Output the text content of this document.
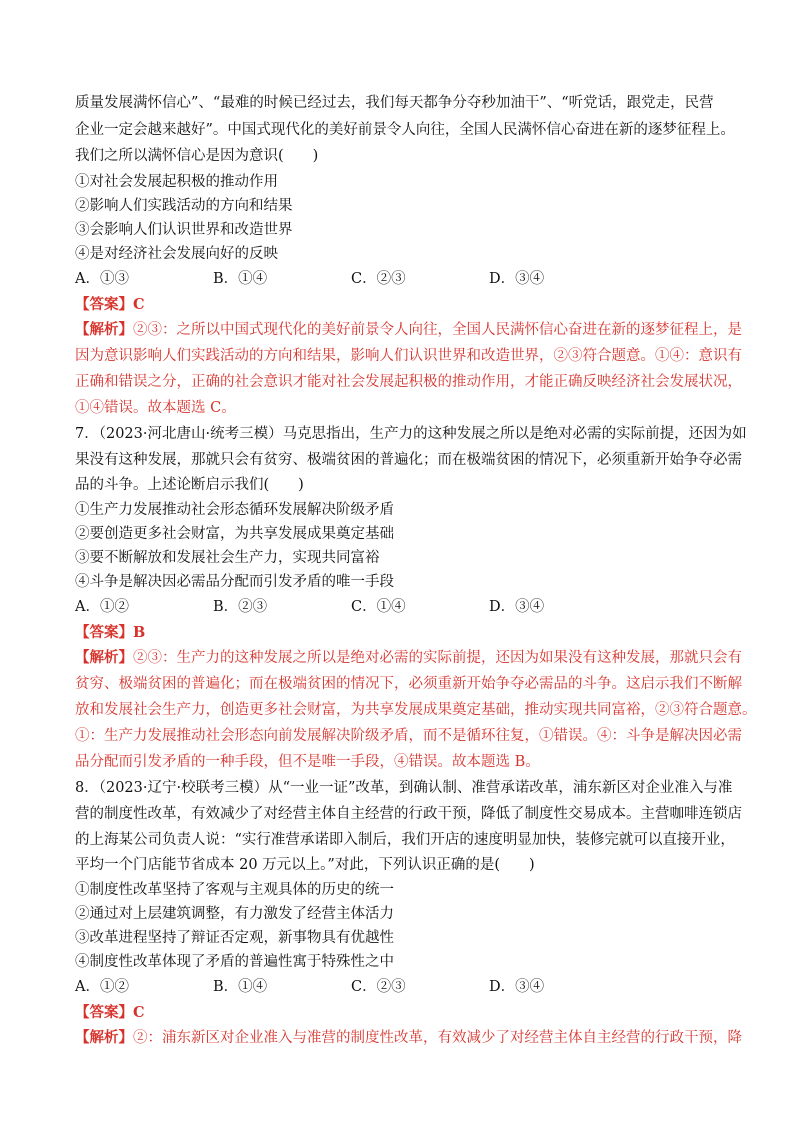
质量发展满怀信心”、“最难的时候已经过去，我们每天都争分夺秒加油干”、“听党话，跟党走，民营
企业一定会越来越好”。中国式现代化的美好前景令人向往，全国人民满怀信心奋进在新的逐梦征程上。
我们之所以满怀信心是因为意识(　　)
①对社会发展起积极的推动作用
②影响人们实践活动的方向和结果
③会影响人们认识世界和改造世界
④是对经济社会发展向好的反映
A．①③	B．①④	C．②③	D．③④
【答案】C
【解析】②③：之所以中国式现代化的美好前景令人向往，全国人民满怀信心奋进在新的逐梦征程上，是
因为意识影响人们实践活动的方向和结果，影响人们认识世界和改造世界，②③符合题意。①④：意识有
正确和错误之分，正确的社会意识才能对社会发展起积极的推动作用，才能正确反映经济社会发展状况，
①④错误。故本题选 C。
7．（2023·河北唐山·统考三模）马克思指出，生产力的这种发展之所以是绝对必需的实际前提，还因为如
果没有这种发展，那就只会有贫穷、极端贫困的普遍化；而在极端贫困的情况下，必须重新开始争夺必需
品的斗争。上述论断启示我们(　　)
①生产力发展推动社会形态循环发展解决阶级矛盾
②要创造更多社会财富，为共享发展成果奠定基础
③要不断解放和发展社会生产力，实现共同富裕
④斗争是解决因必需品分配而引发矛盾的唯一手段
A．①②	B．②③	C．①④	D．③④
【答案】B
【解析】②③：生产力的这种发展之所以是绝对必需的实际前提，还因为如果没有这种发展，那就只会有
贫穷、极端贫困的普遍化；而在极端贫困的情况下，必须重新开始争夺必需品的斗争。这启示我们不断解
放和发展社会生产力，创造更多社会财富，为共享发展成果奠定基础，推动实现共同富裕，②③符合题意。
①：生产力发展推动社会形态向前发展解决阶级矛盾，而不是循环往复，①错误。④：斗争是解决因必需
品分配而引发矛盾的一种手段，但不是唯一手段，④错误。故本题选 B。
8．（2023·辽宁·校联考三模）从“一业一证”改革，到确认制、准营承诺改革，浦东新区对企业准入与准
营的制度性改革，有效减少了对经营主体自主经营的行政干预，降低了制度性交易成本。主营咖啡连锁店
的上海某公司负责人说：“实行准营承诺即入制后，我们开店的速度明显加快，装修完就可以直接开业，
平均一个门店能节省成本 20 万元以上。”对此，下列认识正确的是(　　)
①制度性改革坚持了客观与主观具体的历史的统一
②通过对上层建筑调整，有力激发了经营主体活力
③改革进程坚持了辩证否定观，新事物具有优越性
④制度性改革体现了矛盾的普遍性寓于特殊性之中
A．①②	B．①④	C．②③	D．③④
【答案】C
【解析】②：浦东新区对企业准入与准营的制度性改革，有效减少了对经营主体自主经营的行政干预，降
